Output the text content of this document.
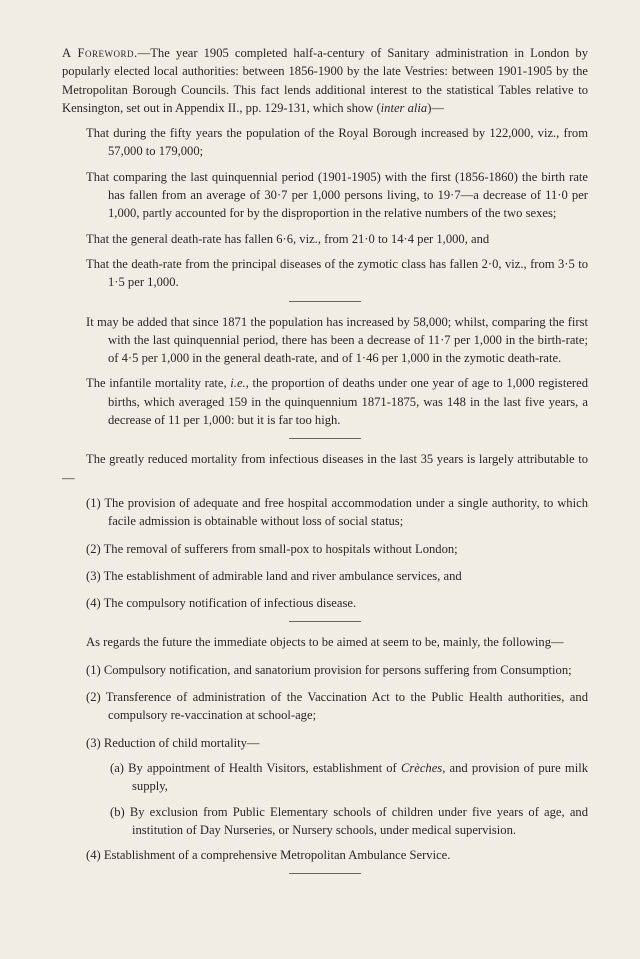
A Foreword.—The year 1905 completed half-a-century of Sanitary administration in London by popularly elected local authorities: between 1856-1900 by the late Vestries: between 1901-1905 by the Metropolitan Borough Councils. This fact lends additional interest to the statistical Tables relative to Kensington, set out in Appendix II., pp. 129-131, which show (inter alia)—

That during the fifty years the population of the Royal Borough increased by 122,000, viz., from 57,000 to 179,000;

That comparing the last quinquennial period (1901-1905) with the first (1856-1860) the birth rate has fallen from an average of 30·7 per 1,000 persons living, to 19·7—a decrease of 11·0 per 1,000, partly accounted for by the disproportion in the relative numbers of the two sexes;

That the general death-rate has fallen 6·6, viz., from 21·0 to 14·4 per 1,000, and

That the death-rate from the principal diseases of the zymotic class has fallen 2·0, viz., from 3·5 to 1·5 per 1,000.

It may be added that since 1871 the population has increased by 58,000; whilst, comparing the first with the last quinquennial period, there has been a decrease of 11·7 per 1,000 in the birth-rate; of 4·5 per 1,000 in the general death-rate, and of 1·46 per 1,000 in the zymotic death-rate.

The infantile mortality rate, i.e., the proportion of deaths under one year of age to 1,000 registered births, which averaged 159 in the quinquennium 1871-1875, was 148 in the last five years, a decrease of 11 per 1,000: but it is far too high.

The greatly reduced mortality from infectious diseases in the last 35 years is largely attributable to—

(1) The provision of adequate and free hospital accommodation under a single authority, to which facile admission is obtainable without loss of social status;

(2) The removal of sufferers from small-pox to hospitals without London;

(3) The establishment of admirable land and river ambulance services, and

(4) The compulsory notification of infectious disease.

As regards the future the immediate objects to be aimed at seem to be, mainly, the following—

(1) Compulsory notification, and sanatorium provision for persons suffering from Consumption;

(2) Transference of administration of the Vaccination Act to the Public Health authorities, and compulsory re-vaccination at school-age;

(3) Reduction of child mortality—

(a) By appointment of Health Visitors, establishment of Crèches, and provision of pure milk supply,

(b) By exclusion from Public Elementary schools of children under five years of age, and institution of Day Nurseries, or Nursery schools, under medical supervision.

(4) Establishment of a comprehensive Metropolitan Ambulance Service.
